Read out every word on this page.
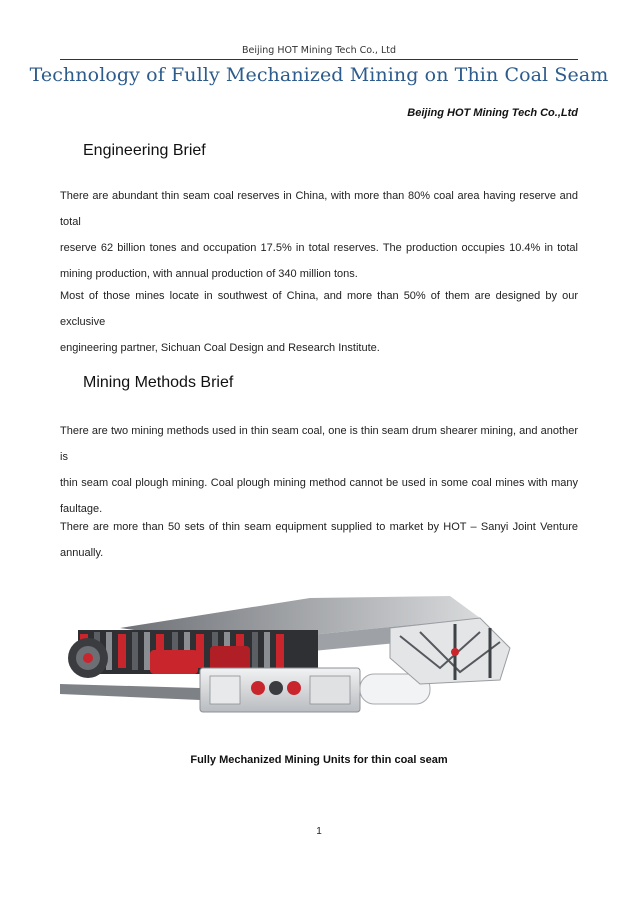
Beijing HOT Mining Tech Co., Ltd
Technology of Fully Mechanized Mining on Thin Coal Seam
Beijing HOT Mining Tech Co.,Ltd
Engineering Brief
There are abundant thin seam coal reserves in China, with more than 80% coal area having reserve and total
reserve 62 billion tones and occupation 17.5% in total reserves. The production occupies 10.4% in total
mining production, with annual production of 340 million tons.
Most of those mines locate in southwest of China, and more than 50% of them are designed by our exclusive
engineering partner, Sichuan Coal Design and Research Institute.
Mining Methods Brief
There are two mining methods used in thin seam coal, one is thin seam drum shearer mining, and another is
thin seam coal plough mining. Coal plough mining method cannot be used in some coal mines with many
faultage.
There are more than 50 sets of thin seam equipment supplied to market by HOT – Sanyi Joint Venture
annually.
Fully Mechanized Mining Units for thin coal seam
1
